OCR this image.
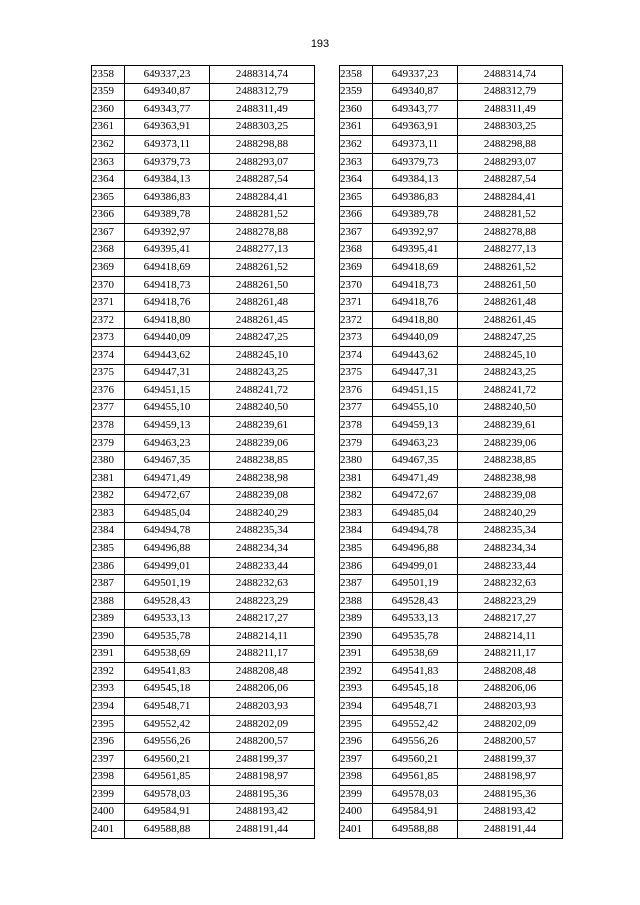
193
2358	649337,23	2488314,74
2359	649340,87	2488312,79
2360	649343,77	2488311,49
2361	649363,91	2488303,25
2362	649373,11	2488298,88
2363	649379,73	2488293,07
2364	649384,13	2488287,54
2365	649386,83	2488284,41
2366	649389,78	2488281,52
2367	649392,97	2488278,88
2368	649395,41	2488277,13
2369	649418,69	2488261,52
2370	649418,73	2488261,50
2371	649418,76	2488261,48
2372	649418,80	2488261,45
2373	649440,09	2488247,25
2374	649443,62	2488245,10
2375	649447,31	2488243,25
2376	649451,15	2488241,72
2377	649455,10	2488240,50
2378	649459,13	2488239,61
2379	649463,23	2488239,06
2380	649467,35	2488238,85
2381	649471,49	2488238,98
2382	649472,67	2488239,08
2383	649485,04	2488240,29
2384	649494,78	2488235,34
2385	649496,88	2488234,34
2386	649499,01	2488233,44
2387	649501,19	2488232,63
2388	649528,43	2488223,29
2389	649533,13	2488217,27
2390	649535,78	2488214,11
2391	649538,69	2488211,17
2392	649541,83	2488208,48
2393	649545,18	2488206,06
2394	649548,71	2488203,93
2395	649552,42	2488202,09
2396	649556,26	2488200,57
2397	649560,21	2488199,37
2398	649561,85	2488198,97
2399	649578,03	2488195,36
2400	649584,91	2488193,42
2401	649588,88	2488191,44
2358	649337,23	2488314,74
2359	649340,87	2488312,79
2360	649343,77	2488311,49
2361	649363,91	2488303,25
2362	649373,11	2488298,88
2363	649379,73	2488293,07
2364	649384,13	2488287,54
2365	649386,83	2488284,41
2366	649389,78	2488281,52
2367	649392,97	2488278,88
2368	649395,41	2488277,13
2369	649418,69	2488261,52
2370	649418,73	2488261,50
2371	649418,76	2488261,48
2372	649418,80	2488261,45
2373	649440,09	2488247,25
2374	649443,62	2488245,10
2375	649447,31	2488243,25
2376	649451,15	2488241,72
2377	649455,10	2488240,50
2378	649459,13	2488239,61
2379	649463,23	2488239,06
2380	649467,35	2488238,85
2381	649471,49	2488238,98
2382	649472,67	2488239,08
2383	649485,04	2488240,29
2384	649494,78	2488235,34
2385	649496,88	2488234,34
2386	649499,01	2488233,44
2387	649501,19	2488232,63
2388	649528,43	2488223,29
2389	649533,13	2488217,27
2390	649535,78	2488214,11
2391	649538,69	2488211,17
2392	649541,83	2488208,48
2393	649545,18	2488206,06
2394	649548,71	2488203,93
2395	649552,42	2488202,09
2396	649556,26	2488200,57
2397	649560,21	2488199,37
2398	649561,85	2488198,97
2399	649578,03	2488195,36
2400	649584,91	2488193,42
2401	649588,88	2488191,44
